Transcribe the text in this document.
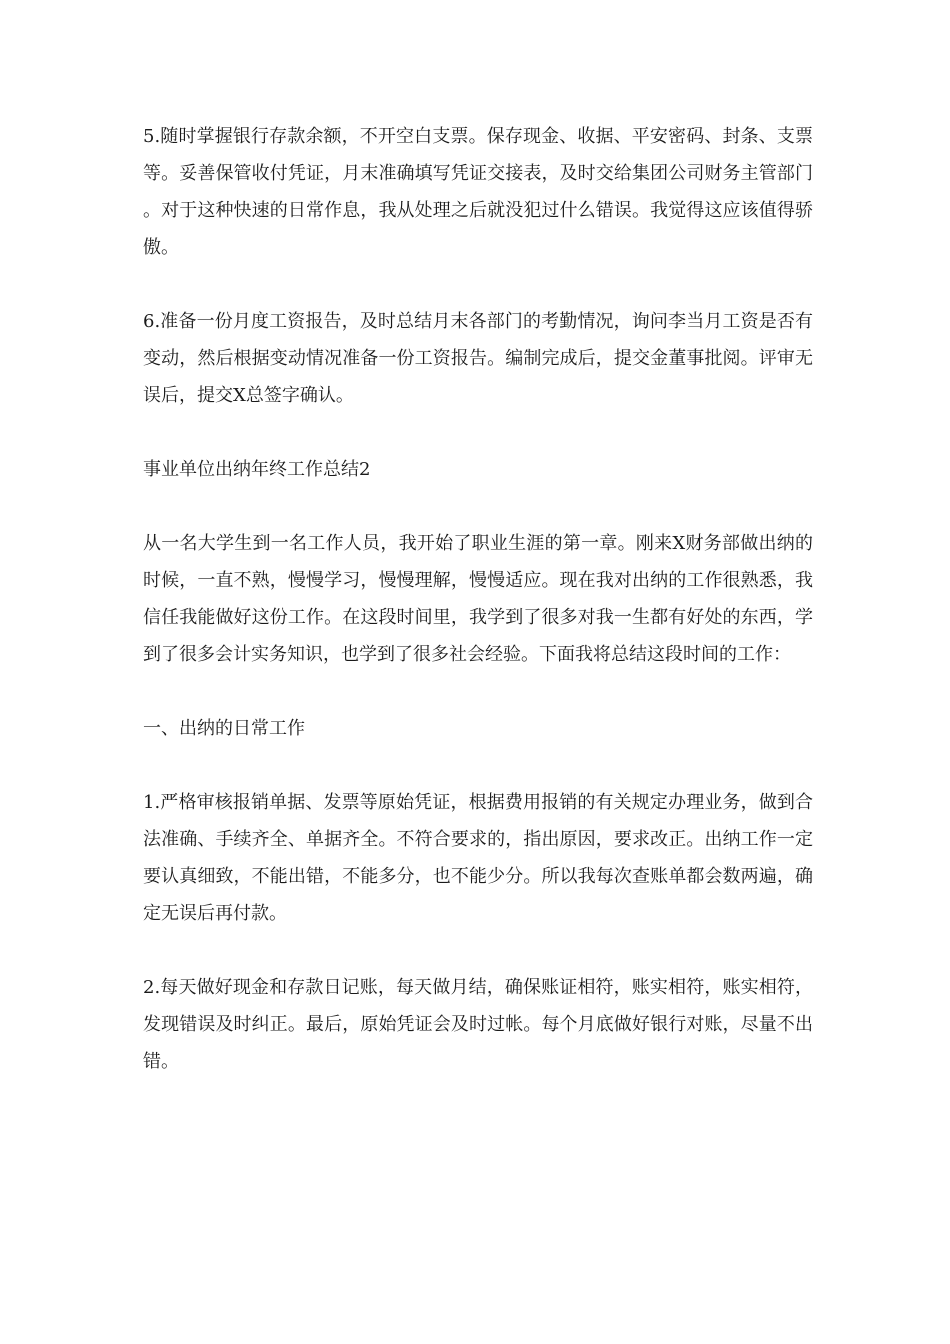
5.随时掌握银行存款余额，不开空白支票。保存现金、收据、平安密码、封条、支票等。妥善保管收付凭证，月末准确填写凭证交接表，及时交给集团公司财务主管部门。对于这种快速的日常作息，我从处理之后就没犯过什么错误。我觉得这应该值得骄傲。

6.准备一份月度工资报告，及时总结月末各部门的考勤情况，询问李当月工资是否有变动，然后根据变动情况准备一份工资报告。编制完成后，提交金董事批阅。评审无误后，提交X总签字确认。

事业单位出纳年终工作总结2

从一名大学生到一名工作人员，我开始了职业生涯的第一章。刚来X财务部做出纳的时候，一直不熟，慢慢学习，慢慢理解，慢慢适应。现在我对出纳的工作很熟悉，我信任我能做好这份工作。在这段时间里，我学到了很多对我一生都有好处的东西，学到了很多会计实务知识，也学到了很多社会经验。下面我将总结这段时间的工作：

一、出纳的日常工作

1.严格审核报销单据、发票等原始凭证，根据费用报销的有关规定办理业务，做到合法准确、手续齐全、单据齐全。不符合要求的，指出原因，要求改正。出纳工作一定要认真细致，不能出错，不能多分，也不能少分。所以我每次查账单都会数两遍，确定无误后再付款。

2.每天做好现金和存款日记账，每天做月结，确保账证相符，账实相符，账实相符，发现错误及时纠正。最后，原始凭证会及时过帐。每个月底做好银行对账，尽量不出错。
